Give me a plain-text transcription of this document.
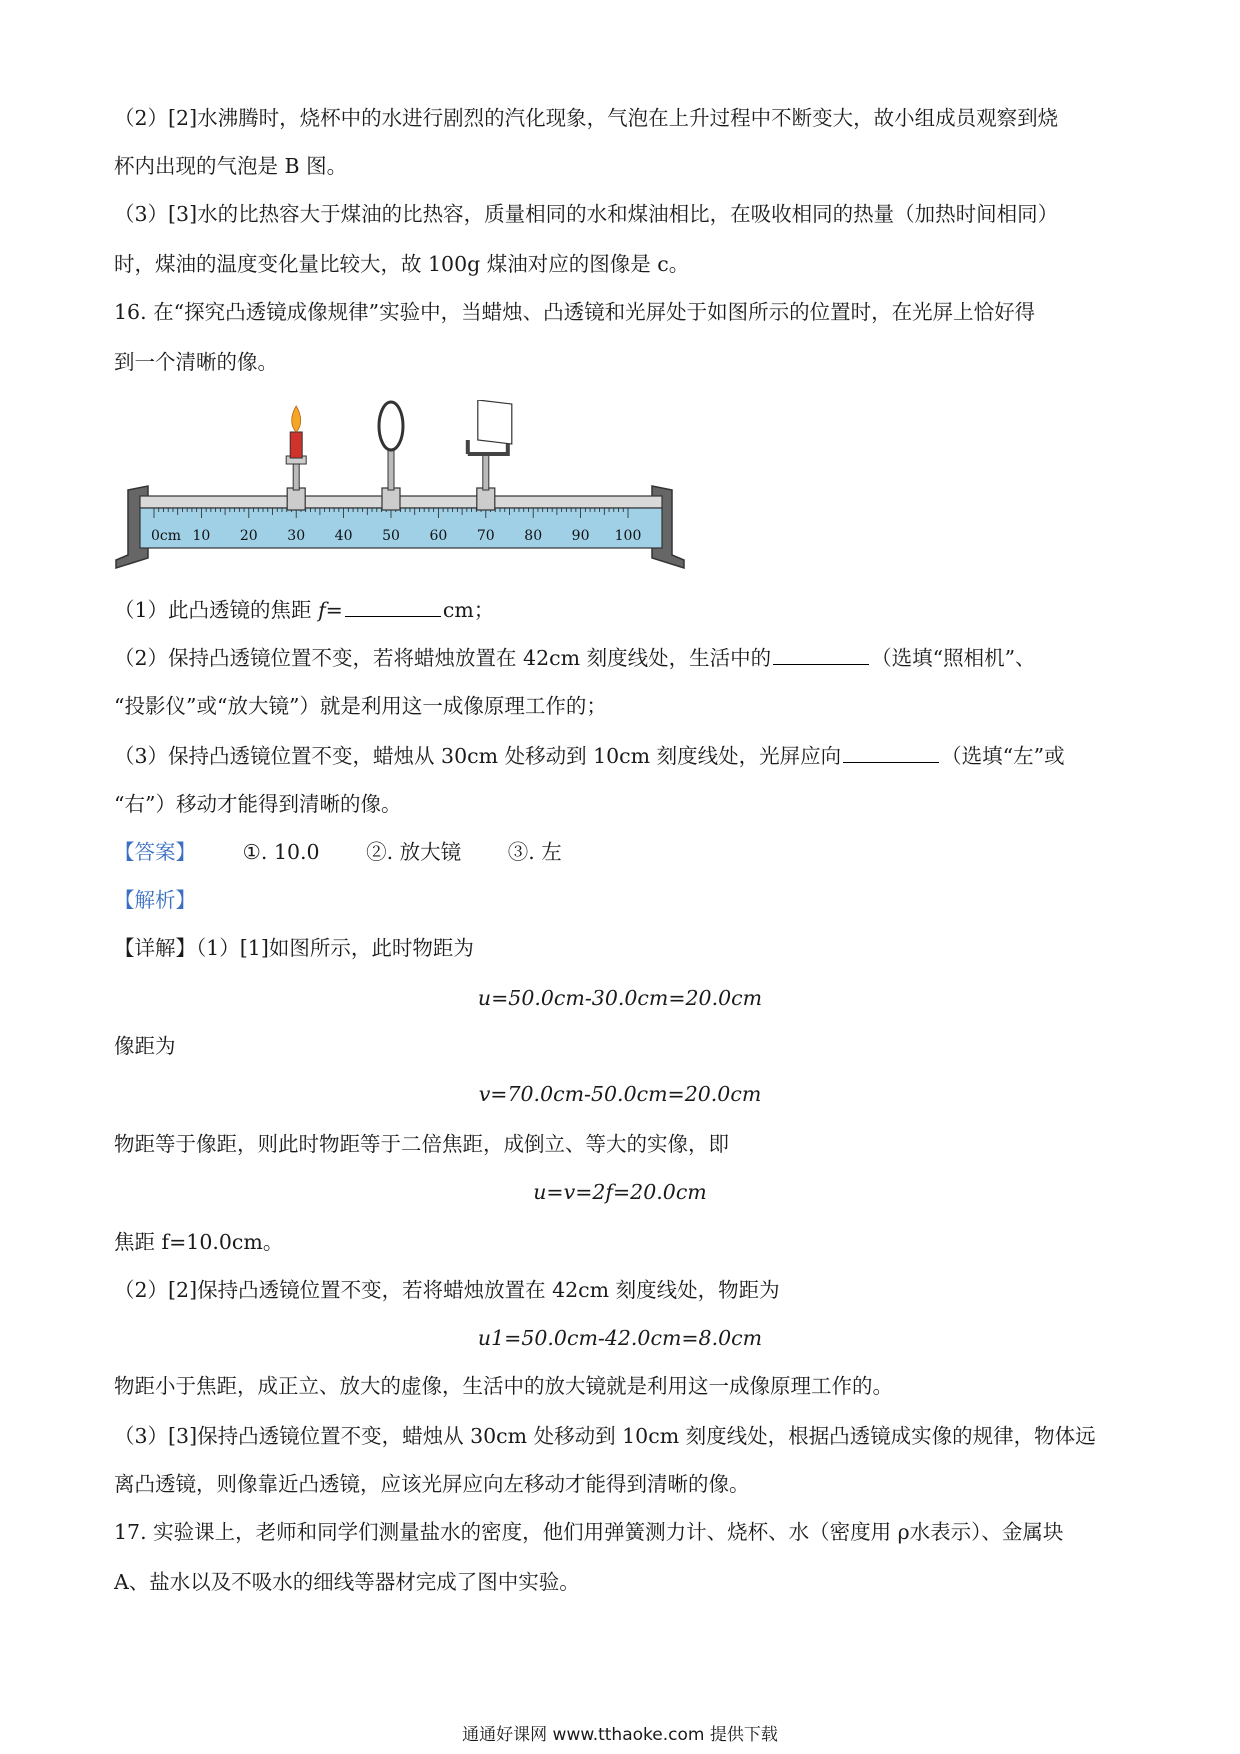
（2）[2]水沸腾时，烧杯中的水进行剧烈的汽化现象，气泡在上升过程中不断变大，故小组成员观察到烧
杯内出现的气泡是 B 图。
（3）[3]水的比热容大于煤油的比热容，质量相同的水和煤油相比，在吸收相同的热量（加热时间相同）
时，煤油的温度变化量比较大，故 100g 煤油对应的图像是 c。
16. 在“探究凸透镜成像规律”实验中，当蜡烛、凸透镜和光屏处于如图所示的位置时，在光屏上恰好得
到一个清晰的像。
0cm 10 20 30 40 50 60 70 80 90 100
（1）此凸透镜的焦距 f=	cm；
（2）保持凸透镜位置不变，若将蜡烛放置在 42cm 刻度线处，生活中的	（选填“照相机”、
“投影仪”或“放大镜”）就是利用这一成像原理工作的；
（3）保持凸透镜位置不变，蜡烛从 30cm 处移动到 10cm 刻度线处，光屏应向	（选填“左”或
“右”）移动才能得到清晰的像。
【答案】 ①. 10.0 ②. 放大镜 ③. 左
【解析】
【详解】（1）[1]如图所示，此时物距为
u=50.0cm-30.0cm=20.0cm
像距为
v=70.0cm-50.0cm=20.0cm
物距等于像距，则此时物距等于二倍焦距，成倒立、等大的实像，即
u=v=2f=20.0cm
焦距 f=10.0cm。
（2）[2]保持凸透镜位置不变，若将蜡烛放置在 42cm 刻度线处，物距为
u1=50.0cm-42.0cm=8.0cm
物距小于焦距，成正立、放大的虚像，生活中的放大镜就是利用这一成像原理工作的。
（3）[3]保持凸透镜位置不变，蜡烛从 30cm 处移动到 10cm 刻度线处，根据凸透镜成实像的规律，物体远
离凸透镜，则像靠近凸透镜，应该光屏应向左移动才能得到清晰的像。
17. 实验课上，老师和同学们测量盐水的密度，他们用弹簧测力计、烧杯、水（密度用 ρ水表示）、金属块
A、盐水以及不吸水的细线等器材完成了图中实验。
通通好课网 www.tthaoke.com 提供下载
